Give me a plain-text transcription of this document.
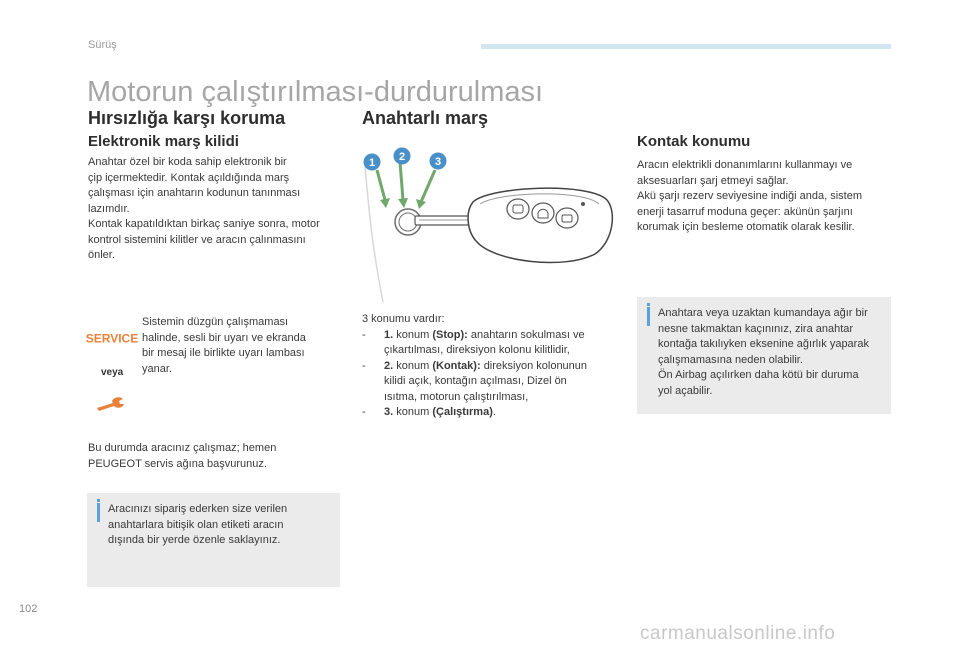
Sürüş
Motorun çalıştırılması-durdurulması
Hırsızlığa karşı koruma
Elektronik marş kilidi

Anahtar özel bir koda sahip elektronik bir

çip içermektedir. Kontak açıldığında marş

çalışması için anahtarın kodunun tanınması

lazımdır.

Kontak kapatıldıktan birkaç saniye sonra, motor

kontrol sistemini kilitler ve aracın çalınmasını

önler.

SERVICE
veya

Sistemin düzgün çalışmaması

halinde, sesli bir uyarı ve ekranda

bir mesaj ile birlikte uyarı lambası

yanar.

Bu durumda aracınız çalışmaz; hemen

PEUGEOT servis ağına başvurunuz.

Aracınızı sipariş ederken size verilen

anahtarlara bitişik olan etiketi aracın

dışında bir yerde özenle saklayınız.

Anahtarlı marş
1 2	3

3 konumu vardır:

- 1. konum (Stop): anahtarın sokulması ve
çıkartılması, direksiyon kolonu kilitlidir,
- 2. konum (Kontak): direksiyon kolonunun
kilidi açık, kontağın açılması, Dizel ön
ısıtma, motorun çalıştırılması,
- 3. konum (Çalıştırma).
Kontak konumu

Aracın elektrikli donanımlarını kullanmayı ve

aksesuarları şarj etmeyi sağlar.

Akü şarjı rezerv seviyesine indiği anda, sistem

enerji tasarruf moduna geçer: akünün şarjını

korumak için besleme otomatik olarak kesilir.

Anahtara veya uzaktan kumandaya ağır bir

nesne takmaktan kaçınınız, zira anahtar

kontağa takılıyken eksenine ağırlık yaparak

çalışmamasına neden olabilir.

Ön Airbag açılırken daha kötü bir duruma

yol açabilir.

102
carmanualsonline.info
